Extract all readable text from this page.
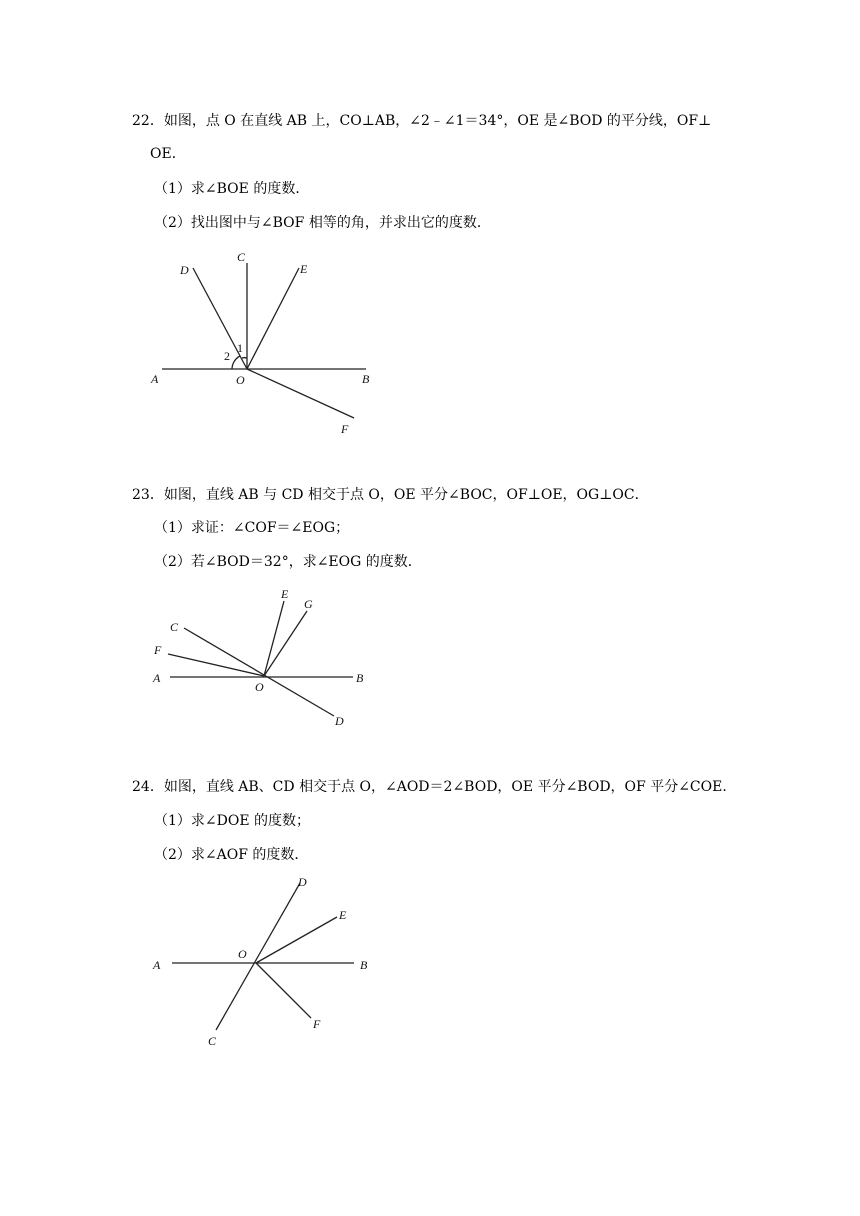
22．如图，点 O 在直线 AB 上，CO⊥AB，∠2﹣∠1＝34°，OE 是∠BOD 的平分线，OF⊥
OE．
（1）求∠BOE 的度数．
（2）找出图中与∠BOF 相等的角，并求出它的度数．
D
C
E
1
2
A	O	B
F
23．如图，直线 AB 与 CD 相交于点 O，OE 平分∠BOC，OF⊥OE，OG⊥OC．
（1）求证：∠COF＝∠EOG；
（2）若∠BOD＝32°，求∠EOG 的度数．
E
G
C
F
A
O
B
D
24．如图，直线 AB、CD 相交于点 O，∠AOD＝2∠BOD，OE 平分∠BOD，OF 平分∠COE．
（1）求∠DOE 的度数；
（2）求∠AOF 的度数．
D
E
O
A	B
F
C
